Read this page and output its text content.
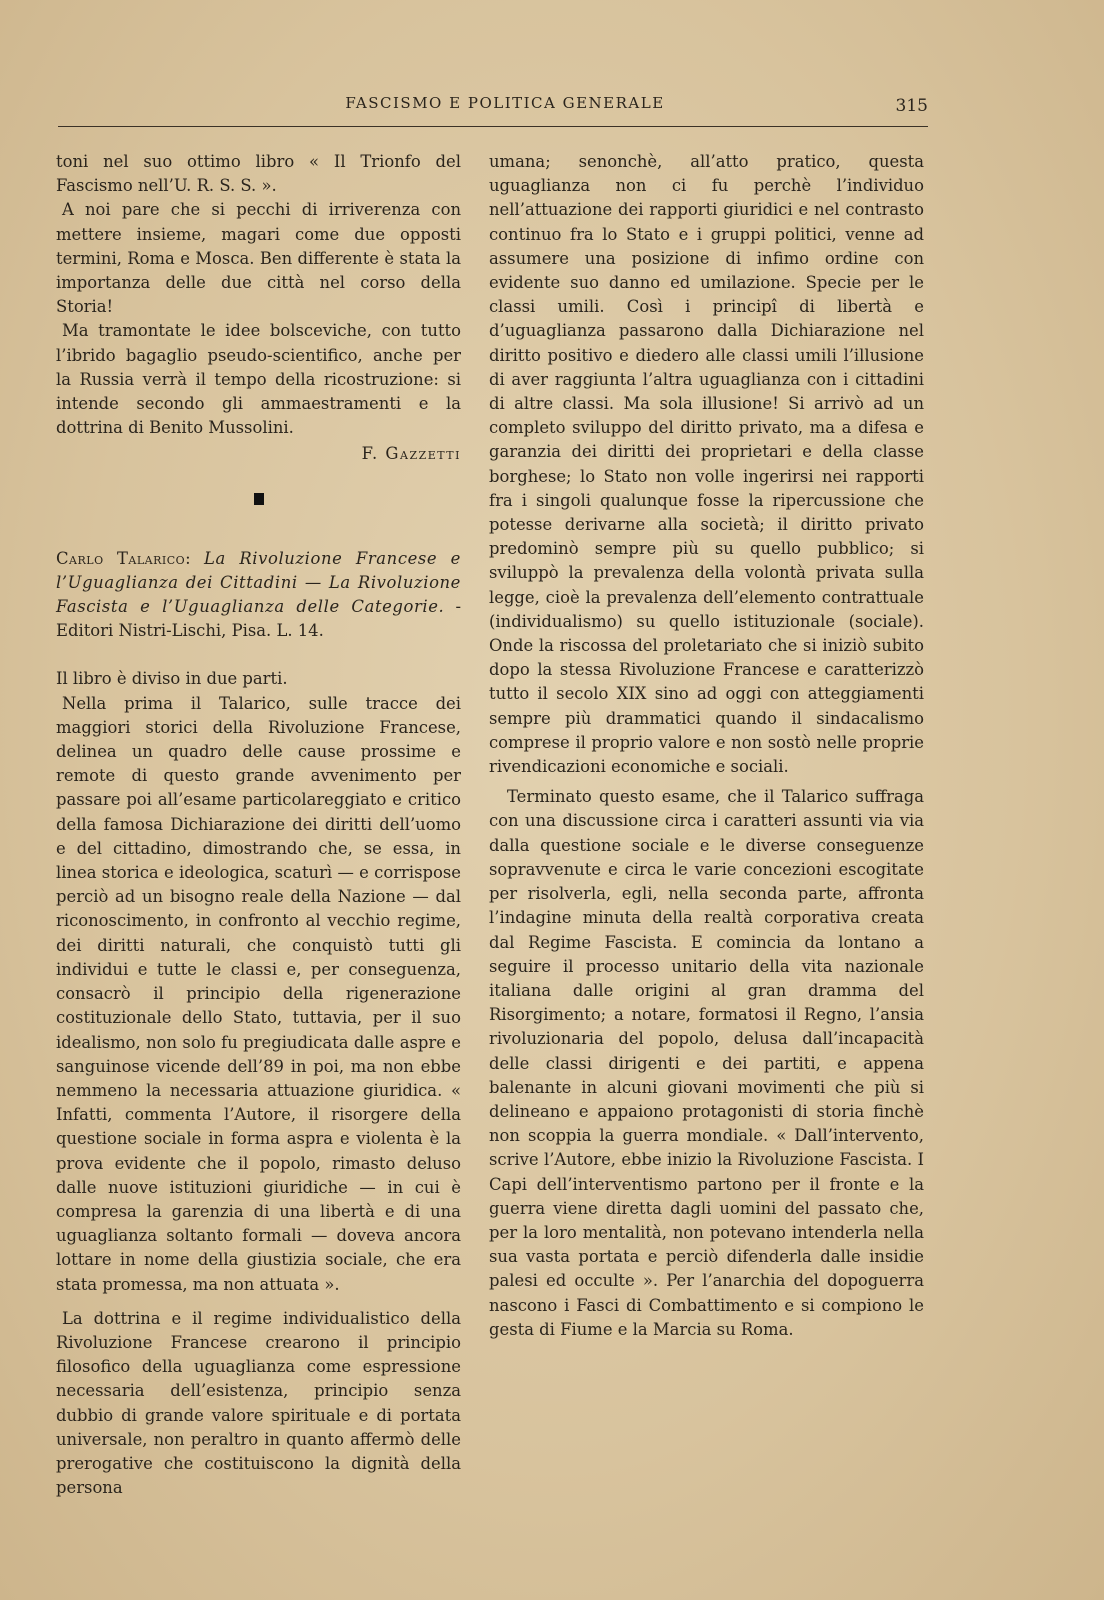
FASCISMO E POLITICA GENERALE	315

toni nel suo ottimo libro « Il Trionfo del Fascismo nell’U. R. S. S. ».

A noi pare che si pecchi di irriverenza con mettere insieme, magari come due opposti termini, Roma e Mosca. Ben differente è stata la importanza delle due città nel corso della Storia!

Ma tramontate le idee bolsceviche, con tutto l’ibrido bagaglio pseudo-scientifico, anche per la Russia verrà il tempo della ricostruzione: si intende secondo gli ammaestramenti e la dottrina di Benito Mussolini.

F. Gazzetti

Carlo Talarico: La Rivoluzione Francese e l’Uguaglianza dei Cittadini — La Rivoluzione Fascista e l’Uguaglianza delle Categorie. - Editori Nistri-Lischi, Pisa. L. 14.

Il libro è diviso in due parti.

Nella prima il Talarico, sulle tracce dei maggiori storici della Rivoluzione Francese, delinea un quadro delle cause prossime e remote di questo grande avvenimento per passare poi all’esame particolareggiato e critico della famosa Dichiarazione dei diritti dell’uomo e del cittadino, dimostrando che, se essa, in linea storica e ideologica, scaturì — e corrispose perciò ad un bisogno reale della Nazione — dal riconoscimento, in confronto al vecchio regime, dei diritti naturali, che conquistò tutti gli individui e tutte le classi e, per conseguenza, consacrò il principio della rigenerazione costituzionale dello Stato, tuttavia, per il suo idealismo, non solo fu pregiudicata dalle aspre e sanguinose vicende dell’89 in poi, ma non ebbe nemmeno la necessaria attuazione giuridica. « Infatti, commenta l’Autore, il risorgere della questione sociale in forma aspra e violenta è la prova evidente che il popolo, rimasto deluso dalle nuove istituzioni giuridiche — in cui è compresa la garenzia di una libertà e di una uguaglianza soltanto formali — doveva ancora lottare in nome della giustizia sociale, che era stata promessa, ma non attuata ».

La dottrina e il regime individualistico della Rivoluzione Francese crearono il principio filosofico della uguaglianza come espressione necessaria dell’esistenza, principio senza dubbio di grande valore spirituale e di portata universale, non peraltro in quanto affermò delle prerogative che costituiscono la dignità della persona

umana; senonchè, all’atto pratico, questa uguaglianza non ci fu perchè l’individuo nell’attuazione dei rapporti giuridici e nel contrasto continuo fra lo Stato e i gruppi politici, venne ad assumere una posizione di infimo ordine con evidente suo danno ed umilazione. Specie per le classi umili. Così i principî di libertà e d’uguaglianza passarono dalla Dichiarazione nel diritto positivo e diedero alle classi umili l’illusione di aver raggiunta l’altra uguaglianza con i cittadini di altre classi. Ma sola illusione! Si arrivò ad un completo sviluppo del diritto privato, ma a difesa e garanzia dei diritti dei proprietari e della classe borghese; lo Stato non volle ingerirsi nei rapporti fra i singoli qualunque fosse la ripercussione che potesse derivarne alla società; il diritto privato predominò sempre più su quello pubblico; si sviluppò la prevalenza della volontà privata sulla legge, cioè la prevalenza dell’elemento contrattuale (individualismo) su quello istituzionale (sociale). Onde la riscossa del proletariato che si iniziò subito dopo la stessa Rivoluzione Francese e caratterizzò tutto il secolo XIX sino ad oggi con atteggiamenti sempre più drammatici quando il sindacalismo comprese il proprio valore e non sostò nelle proprie rivendicazioni economiche e sociali.

Terminato questo esame, che il Talarico suffraga con una discussione circa i caratteri assunti via via dalla questione sociale e le diverse conseguenze sopravvenute e circa le varie concezioni escogitate per risolverla, egli, nella seconda parte, affronta l’indagine minuta della realtà corporativa creata dal Regime Fascista. E comincia da lontano a seguire il processo unitario della vita nazionale italiana dalle origini al gran dramma del Risorgimento; a notare, formatosi il Regno, l’ansia rivoluzionaria del popolo, delusa dall’incapacità delle classi dirigenti e dei partiti, e appena balenante in alcuni giovani movimenti che più si delineano e appaiono protagonisti di storia finchè non scoppia la guerra mondiale. « Dall’intervento, scrive l’Autore, ebbe inizio la Rivoluzione Fascista. I Capi dell’interventismo partono per il fronte e la guerra viene diretta dagli uomini del passato che, per la loro mentalità, non potevano intenderla nella sua vasta portata e perciò difenderla dalle insidie palesi ed occulte ». Per l’anarchia del dopoguerra nascono i Fasci di Combattimento e si compiono le gesta di Fiume e la Marcia su Roma.
